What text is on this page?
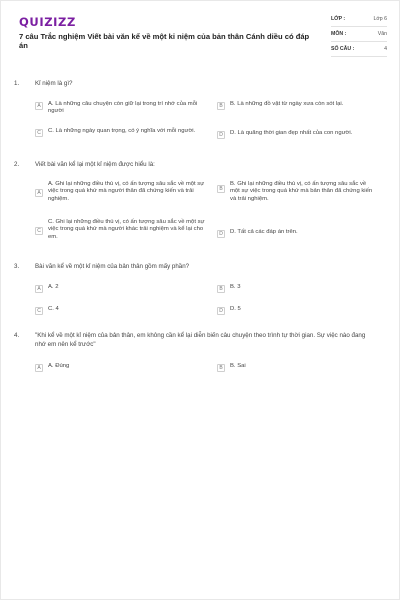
QUIZIZZ
7 câu Trắc nghiệm Viết bài văn kể về một kỉ niệm của bản thân Cánh diều có đáp án
LỚP :	Lớp 6
MÔN :	Văn
SỐ CÂU :	4
1.	Kỉ niệm là gì?
A	A. Là những câu chuyện còn giữ lại trong trí nhớ của mỗi người
B	B. Là những đồ vật từ ngày xưa còn sót lại.
C	C. Là những ngày quan trọng, có ý nghĩa với mỗi người.
D	D. Là quãng thời gian đẹp nhất của con người.
2.	Viết bài văn kể lại một kỉ niệm được hiểu là:
A
A. Ghi lại những điều thú vị, có ấn tượng sâu sắc về một sự việc trong quá khứ mà người thân đã chứng kiến và trải nghiệm.
B
B. Ghi lại những điều thú vị, có ấn tượng sâu sắc về một sự việc trong quá khứ mà bản thân đã chứng kiến và trải nghiệm.
C
C. Ghi lại những điều thú vị, có ấn tượng sâu sắc về một sự việc trong quá khứ mà người khác trải nghiệm và kể lại cho em.	D	D. Tất cả các đáp án trên.
3.	Bài văn kể về một kỉ niệm của bản thân gồm mấy phần?
A	A. 2	B	B. 3
C	C. 4	D	D. 5
4.	"Khi kể về một kỉ niệm của bản thân, em không cần kể lại diễn biến câu chuyện theo trình tự thời gian. Sự việc nào đang nhớ em nên kể trước"
A	A. Đúng	B	B. Sai
